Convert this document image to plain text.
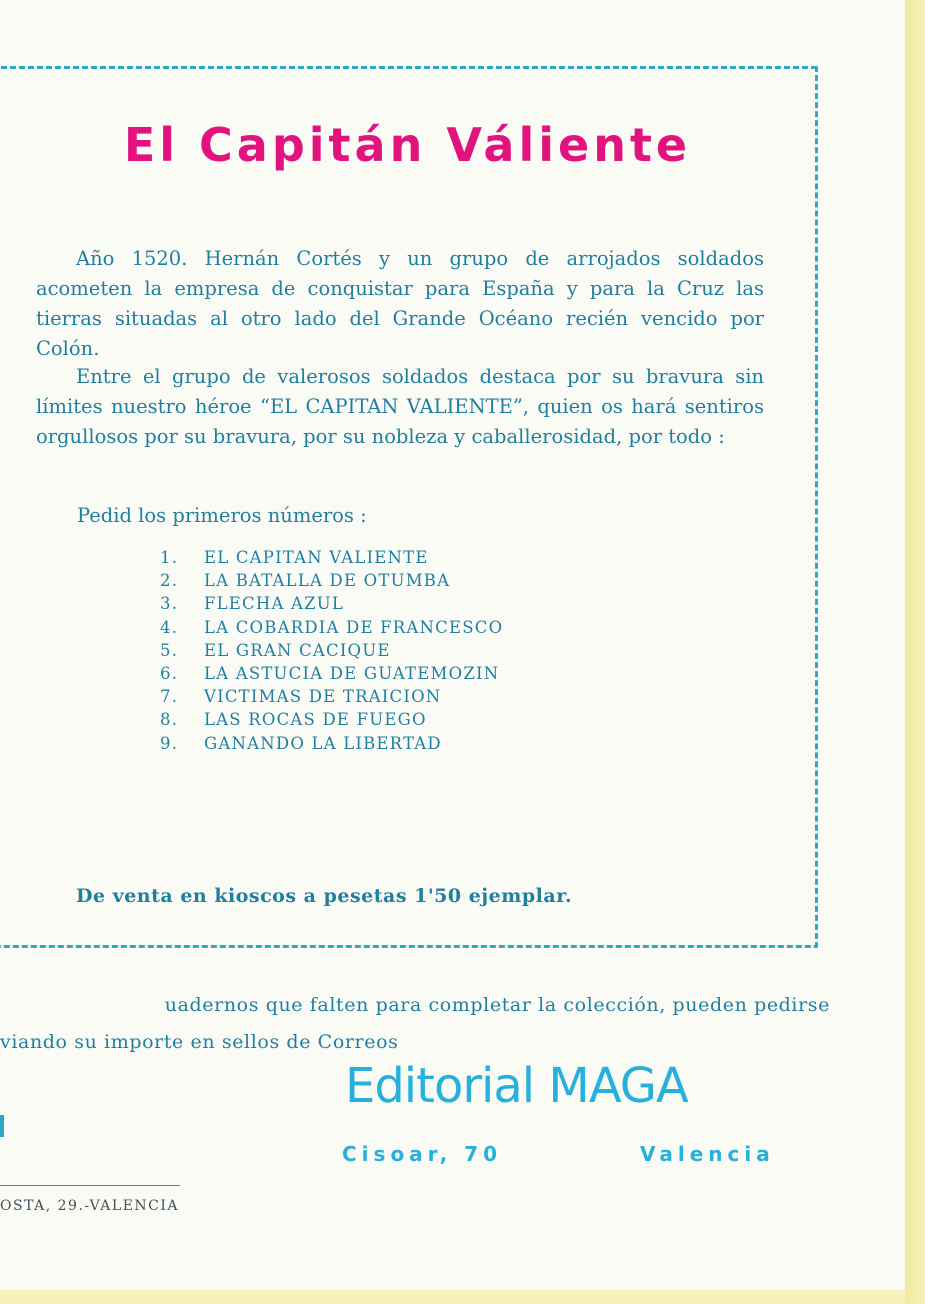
El Capitán Váliente

Año 1520. Hernán Cortés y un grupo de arrojados soldados acometen la empresa de conquistar para España y para la Cruz las tierras situadas al otro lado del Grande Océano recién vencido por Colón.

Entre el grupo de valerosos soldados destaca por su bravura sin límites nuestro héroe “EL CAPITAN VALIENTE”, quien os hará sentiros orgullosos por su bravura, por su nobleza y caballerosidad, por todo :

Pedid los primeros números :
1. EL CAPITAN VALIENTE
2. LA BATALLA DE OTUMBA
3. FLECHA AZUL
4. LA COBARDIA DE FRANCESCO
5. EL GRAN CACIQUE
6. LA ASTUCIA DE GUATEMOZIN
7. VICTIMAS DE TRAICION
8. LAS ROCAS DE FUEGO
9. GANANDO LA LIBERTAD
De venta en kioscos a pesetas 1'50 ejemplar.
uadernos que falten para completar la colección, pueden pedirse
viando su importe en sellos de Correos
Editorial MAGA
Cisoar, 70	Valencia
OSTA, 29.-VALENCIA
